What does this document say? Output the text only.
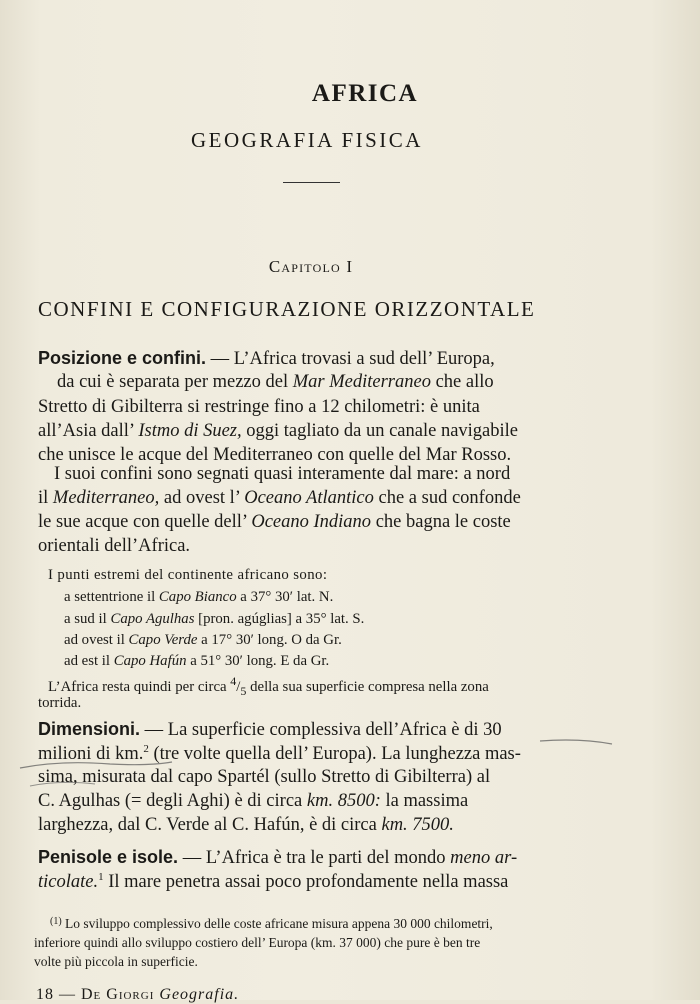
AFRICA
GEOGRAFIA FISICA
Capitolo I
CONFINI E CONFIGURAZIONE ORIZZONTALE
Posizione e confini. — L’Africa trovasi a sud dell’ Europa,
da cui è separata per mezzo del Mar Mediterraneo che allo
Stretto di Gibilterra si restringe fino a 12 chilometri: è unita
all’Asia dall’ Istmo di Suez, oggi tagliato da un canale navigabile
che unisce le acque del Mediterraneo con quelle del Mar Rosso.
I suoi confini sono segnati quasi interamente dal mare: a nord
il Mediterraneo, ad ovest l’ Oceano Atlantico che a sud confonde
le sue acque con quelle dell’ Oceano Indiano che bagna le coste
orientali dell’Africa.
I punti estremi del continente africano sono:
a settentrione il Capo Bianco a 37° 30′ lat. N.
a sud il Capo Agulhas [pron. agúglias] a 35° lat. S.
ad ovest il Capo Verde a 17° 30′ long. O da Gr.
ad est il Capo Hafún a 51° 30′ long. E da Gr.
L’Africa resta quindi per circa $^4/_5$ della sua superficie compresa nella zona
torrida.
Dimensioni. — La superficie complessiva dell’Africa è di 30
milioni di km.$^2$ (tre volte quella dell’ Europa). La lunghezza mas-
sima, misurata dal capo Spartél (sullo Stretto di Gibilterra) al
C. Agulhas (= degli Aghi) è di circa km. 8500: la massima
larghezza, dal C. Verde al C. Hafún, è di circa km. 7500.
Penisole e isole. — L’Africa è tra le parti del mondo meno ar-
ticolate.$^1$ Il mare penetra assai poco profondamente nella massa
$^{(1)}$ Lo sviluppo complessivo delle coste africane misura appena 30 000 chilometri,
inferiore quindi allo sviluppo costiero dell’ Europa (km. 37 000) che pure è ben tre
volte più piccola in superficie.
18 — De Giorgi Geografia.
